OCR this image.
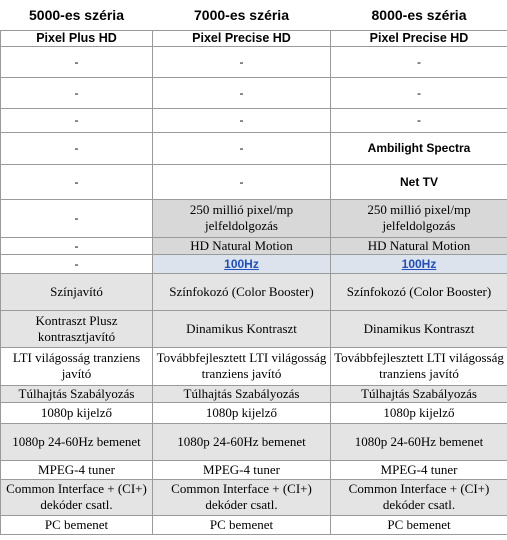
5000-es széria	7000-es széria	8000-es széria
Pixel Plus HD	Pixel Precise HD	Pixel Precise HD
-	-	-
-	-	-
-	-	-
-	-	Ambilight Spectra
-	-	Net TV
-	250 millió pixel/mp jelfeldolgozás	250 millió pixel/mp jelfeldolgozás
-	HD Natural Motion	HD Natural Motion
-	100Hz	100Hz
Színjavító	Színfokozó (Color Booster)	Színfokozó (Color Booster)
Kontraszt Plusz kontrasztjavító	Dinamikus Kontraszt	Dinamikus Kontraszt
LTI világosság tranziens javító	Továbbfejlesztett LTI világosság tranziens javító	Továbbfejlesztett LTI világosság tranziens javító
Túlhajtás Szabályozás	Túlhajtás Szabályozás	Túlhajtás Szabályozás
1080p kijelző	1080p kijelző	1080p kijelző
1080p 24-60Hz bemenet	1080p 24-60Hz bemenet	1080p 24-60Hz bemenet
MPEG-4 tuner	MPEG-4 tuner	MPEG-4 tuner
Common Interface + (CI+) dekóder csatl.	Common Interface + (CI+) dekóder csatl.	Common Interface + (CI+) dekóder csatl.
PC bemenet	PC bemenet	PC bemenet
